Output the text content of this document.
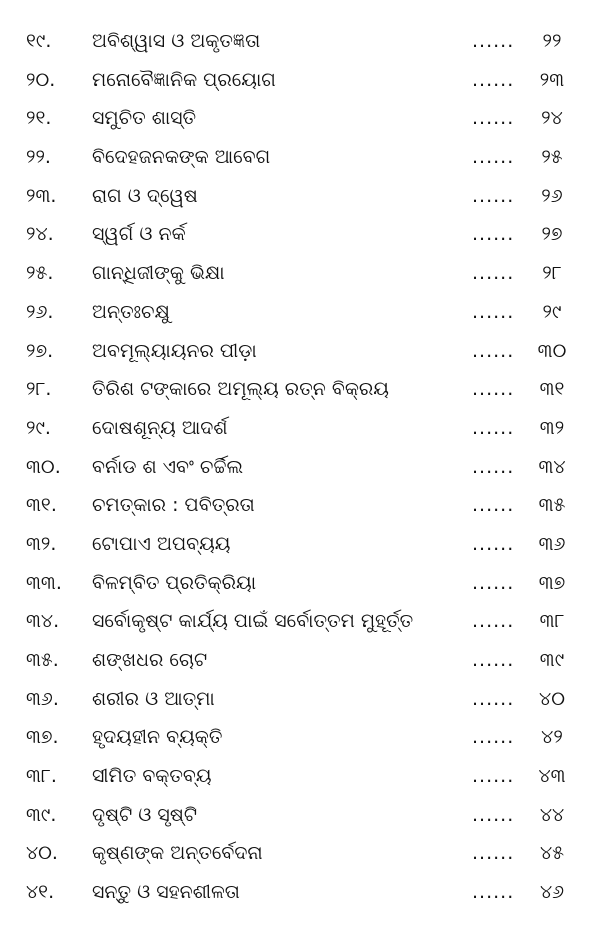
୧୯. ଅବିଶ୍ୱାସ ଓ ଅକୃତଜ୍ଞତା	......	୨୨
୨୦. ମନୋବୈଜ୍ଞାନିକ ପ୍ରୟୋଗ	......	୨୩
୨୧. ସମୁଚିତ ଶାସ୍ତି	......	୨୪
୨୨. ବିଦେହଜନକଙ୍କ ଆବେଗ	......	୨୫
୨୩. ରାଗ ଓ ଦ୍ୱେଷ	......	୨୬
୨୪. ସ୍ୱର୍ଗ ଓ ନର୍କ	......	୨୭
୨୫. ଗାନ୍ଧିଜୀଙ୍କୁ ଭିକ୍ଷା	......	୨୮
୨୬. ଅନ୍ତଃଚକ୍ଷୁ	......	୨୯
୨୭. ଅବମୂଲ୍ୟାୟନର ପୀଡ଼ା	......	୩୦
୨୮. ତିରିଶ ଟଙ୍କାରେ ଅମୂଲ୍ୟ ରତ୍ନ ବିକ୍ରୟ	......	୩୧
୨୯. ଦୋଷଶୂନ୍ୟ ଆଦର୍ଶ	......	୩୨
୩୦. ବର୍ନାଡ ଶ ଏବଂ ଚର୍ଚ୍ଚିଲ	......	୩୪
୩୧. ଚମତ୍କାର : ପବିତ୍ରତା	......	୩୫
୩୨. ଟୋପାଏ ଅପବ୍ୟୟ	......	୩୬
୩୩. ବିଳମ୍ବିତ ପ୍ରତିକ୍ରିୟା	......	୩୭
୩୪. ସର୍ବୋକୃଷ୍ଟ କାର୍ଯ୍ୟ ପାଇଁ ସର୍ବୋତ୍ତମ ମୁହୂର୍ତ୍ତ	......	୩୮
୩୫. ଶଙ୍ଖଧର ଚୋଟ	......	୩୯
୩୬. ଶରୀର ଓ ଆତ୍ମା	......	୪୦
୩୭. ହୃଦୟହୀନ ବ୍ୟକ୍ତି	......	୪୨
୩୮. ସୀମିତ ବକ୍ତବ୍ୟ	......	୪୩
୩୯. ଦୃଷ୍ଟି ଓ ସୃଷ୍ଟି	......	୪୪
୪୦. କୃଷ୍ଣଙ୍କ ଅନ୍ତର୍ବେଦନା	......	୪୫
୪୧. ସନ୍ତୁ ଓ ସହନଶୀଳତା	......	୪୬
